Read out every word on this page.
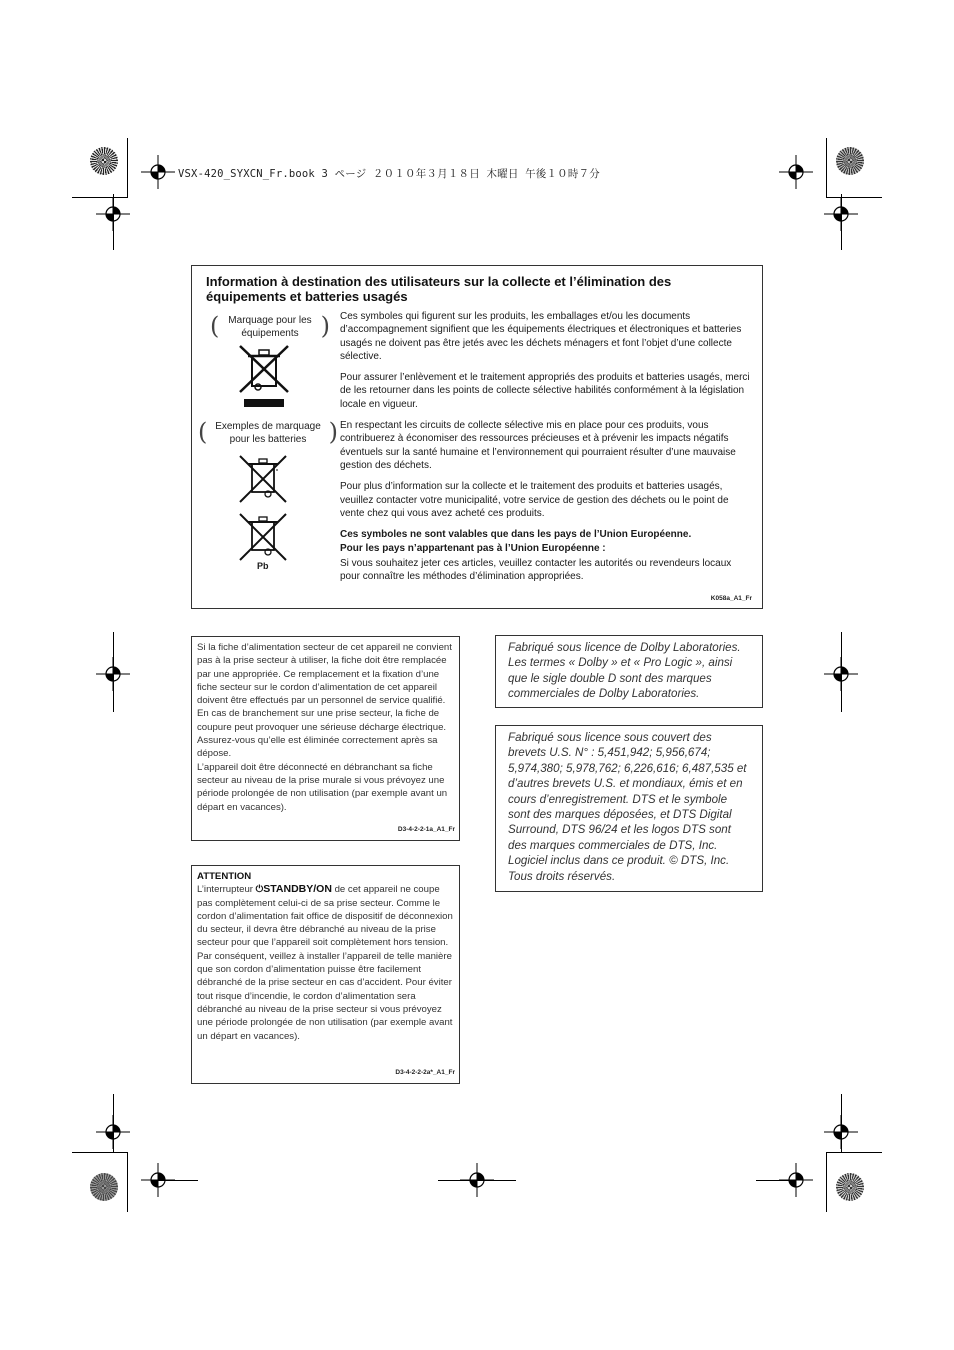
VSX-420_SYXCN_Fr.book 3 ページ ２０１０年３月１８日 木曜日 午後１０時７分
Information à destination des utilisateurs sur la collecte et l’élimination des équipements et batteries usagés
( Marquage pour les équipements )
( Exemples de marquage pour les batteries )
Pb

Ces symboles qui figurent sur les produits, les emballages et/ou les documents d’accompagnement signifient que les équipements électriques et électroniques et batteries usagés ne doivent pas être jetés avec les déchets ménagers et font l’objet d’une collecte sélective.

Pour assurer l’enlèvement et le traitement appropriés des produits et batteries usagés, merci de les retourner dans les points de collecte sélective habilités conformément à la législation locale en vigueur.

En respectant les circuits de collecte sélective mis en place pour ces produits, vous contribuerez à économiser des ressources précieuses et à prévenir les impacts négatifs éventuels sur la santé humaine et l’environnement qui pourraient résulter d’une mauvaise gestion des déchets.

Pour plus d’information sur la collecte et le traitement des produits et batteries usagés, veuillez contacter votre municipalité, votre service de gestion des déchets ou le point de vente chez qui vous avez acheté ces produits.

Ces symboles ne sont valables que dans les pays de l’Union Européenne.

Pour les pays n’appartenant pas à l’Union Européenne :

Si vous souhaitez jeter ces articles, veuillez contacter les autorités ou revendeurs locaux pour connaître les méthodes d’élimination appropriées.

K058a_A1_Fr
Si la fiche d’alimentation secteur de cet appareil ne convient pas à la prise secteur à utiliser, la fiche doit être remplacée par une appropriée. Ce remplacement et la fixation d’une fiche secteur sur le cordon d’alimentation de cet appareil doivent être effectués par un personnel de service qualifié. En cas de branchement sur une prise secteur, la fiche de coupure peut provoquer une sérieuse décharge électrique. Assurez-vous qu’elle est éliminée correctement après sa dépose.
L’appareil doit être déconnecté en débranchant sa fiche secteur au niveau de la prise murale si vous prévoyez une période prolongée de non utilisation (par exemple avant un départ en vacances).
D3-4-2-2-1a_A1_Fr
ATTENTION
L’interrupteur ⏻STANDBY/ON de cet appareil ne coupe pas complètement celui-ci de sa prise secteur. Comme le cordon d’alimentation fait office de dispositif de déconnexion du secteur, il devra être débranché au niveau de la prise secteur pour que l’appareil soit complètement hors tension. Par conséquent, veillez à installer l’appareil de telle manière que son cordon d’alimentation puisse être facilement débranché de la prise secteur en cas d’accident. Pour éviter tout risque d’incendie, le cordon d’alimentation sera débranché au niveau de la prise secteur si vous prévoyez une période prolongée de non utilisation (par exemple avant un départ en vacances).
D3-4-2-2-2a*_A1_Fr
Fabriqué sous licence de Dolby Laboratories. Les termes « Dolby » et « Pro Logic », ainsi que le sigle double D sont des marques commerciales de Dolby Laboratories.
Fabriqué sous licence sous couvert des brevets U.S. N° : 5,451,942; 5,956,674; 5,974,380; 5,978,762; 6,226,616; 6,487,535 et d’autres brevets U.S. et mondiaux, émis et en cours d’enregistrement. DTS et le symbole sont des marques déposées, et DTS Digital Surround, DTS 96/24 et les logos DTS sont des marques commerciales de DTS, Inc. Logiciel inclus dans ce produit. © DTS, Inc. Tous droits réservés.
